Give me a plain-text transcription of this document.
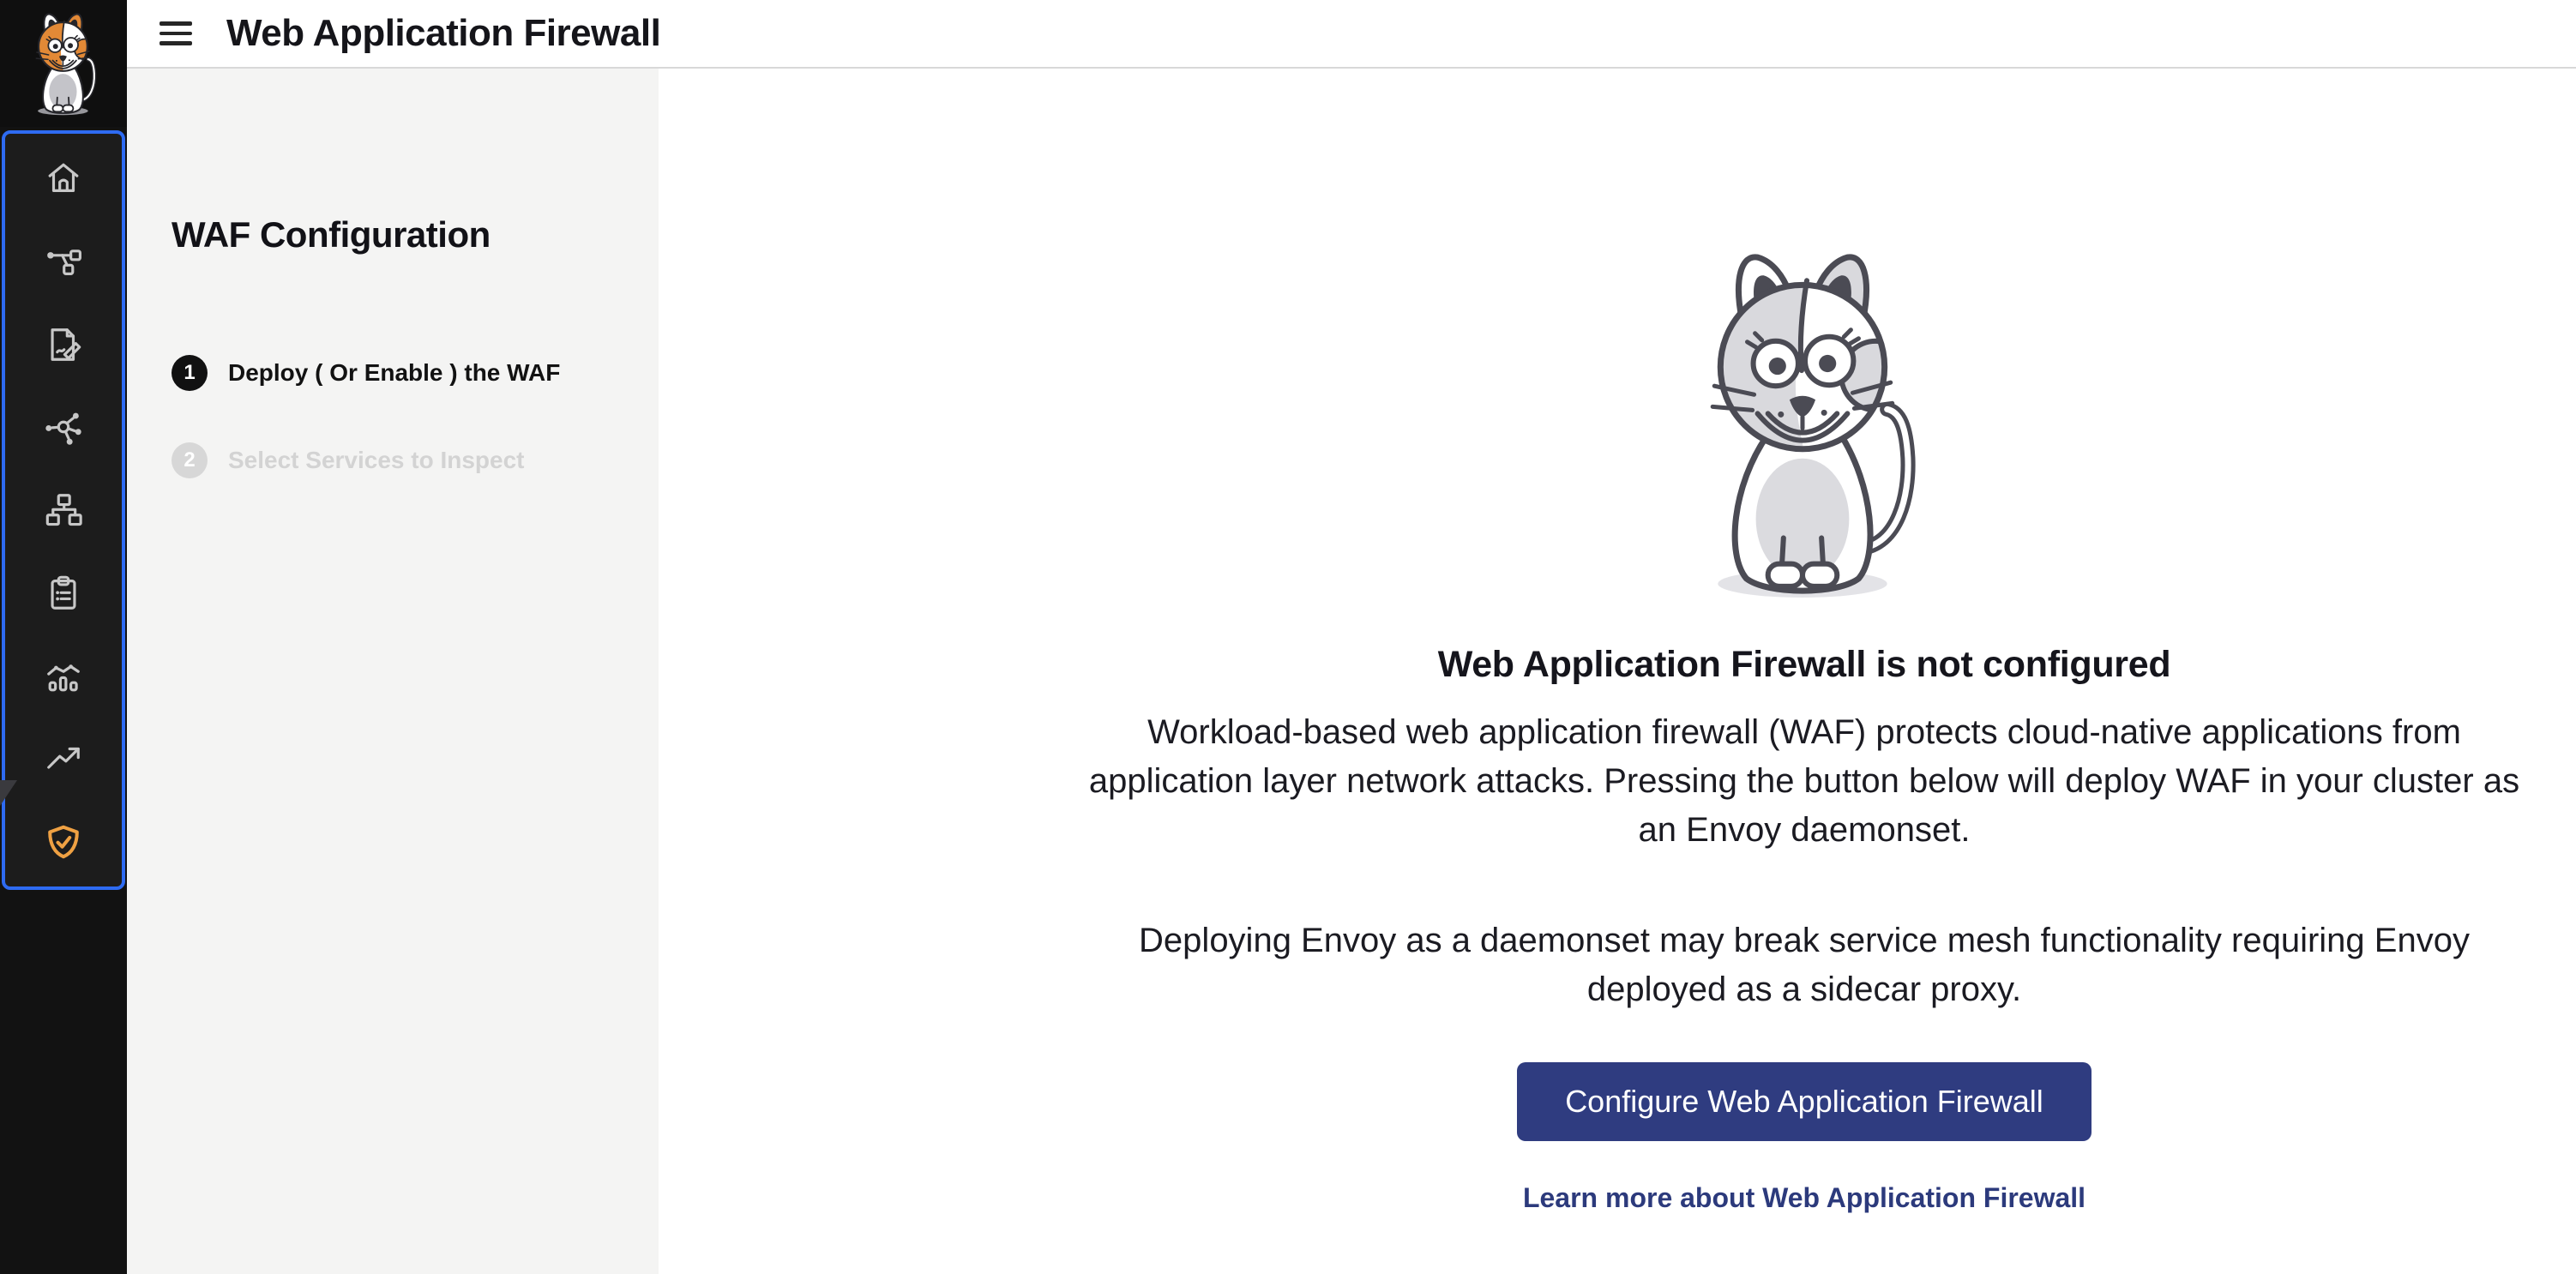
Web Application Firewall
WAF Configuration
1	Deploy ( Or Enable ) the WAF
2	Select Services to Inspect
Web Application Firewall is not configured

Workload-based web application firewall (WAF) protects cloud-native applications from application layer network attacks. Pressing the button below will deploy WAF in your cluster as an Envoy daemonset.

Deploying Envoy as a daemonset may break service mesh functionality requiring Envoy deployed as a sidecar proxy.

Configure Web Application Firewall
Learn more about Web Application Firewall
